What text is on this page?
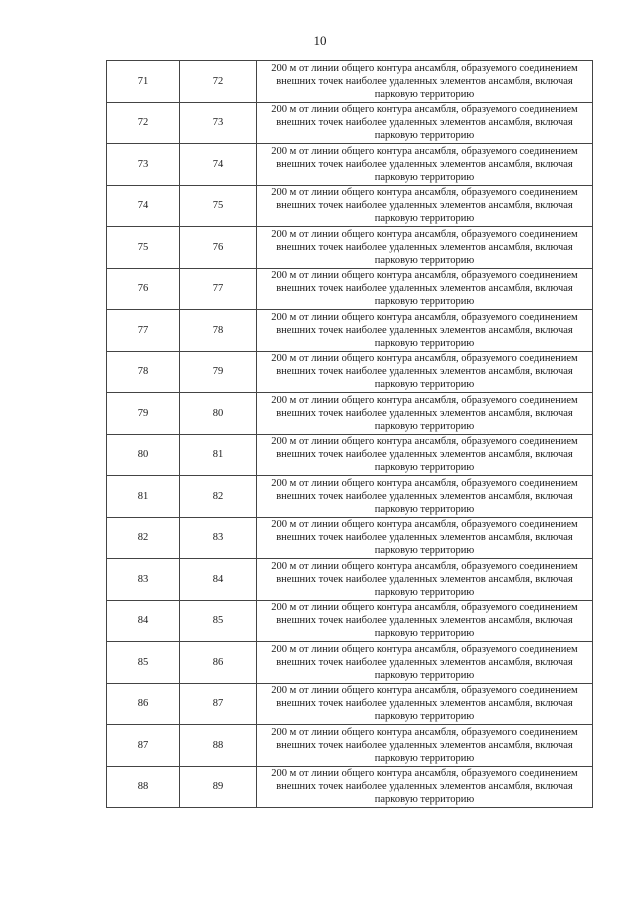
10
71	72	200 м от линии общего контура ансамбля, образуемого соединением внешних точек наиболее удаленных элементов ансамбля, включая парковую территорию
72	73	200 м от линии общего контура ансамбля, образуемого соединением внешних точек наиболее удаленных элементов ансамбля, включая парковую территорию
73	74	200 м от линии общего контура ансамбля, образуемого соединением внешних точек наиболее удаленных элементов ансамбля, включая парковую территорию
74	75	200 м от линии общего контура ансамбля, образуемого соединением внешних точек наиболее удаленных элементов ансамбля, включая парковую территорию
75	76	200 м от линии общего контура ансамбля, образуемого соединением внешних точек наиболее удаленных элементов ансамбля, включая парковую территорию
76	77	200 м от линии общего контура ансамбля, образуемого соединением внешних точек наиболее удаленных элементов ансамбля, включая парковую территорию
77	78	200 м от линии общего контура ансамбля, образуемого соединением внешних точек наиболее удаленных элементов ансамбля, включая парковую территорию
78	79	200 м от линии общего контура ансамбля, образуемого соединением внешних точек наиболее удаленных элементов ансамбля, включая парковую территорию
79	80	200 м от линии общего контура ансамбля, образуемого соединением внешних точек наиболее удаленных элементов ансамбля, включая парковую территорию
80	81	200 м от линии общего контура ансамбля, образуемого соединением внешних точек наиболее удаленных элементов ансамбля, включая парковую территорию
81	82	200 м от линии общего контура ансамбля, образуемого соединением внешних точек наиболее удаленных элементов ансамбля, включая парковую территорию
82	83	200 м от линии общего контура ансамбля, образуемого соединением внешних точек наиболее удаленных элементов ансамбля, включая парковую территорию
83	84	200 м от линии общего контура ансамбля, образуемого соединением внешних точек наиболее удаленных элементов ансамбля, включая парковую территорию
84	85	200 м от линии общего контура ансамбля, образуемого соединением внешних точек наиболее удаленных элементов ансамбля, включая парковую территорию
85	86	200 м от линии общего контура ансамбля, образуемого соединением внешних точек наиболее удаленных элементов ансамбля, включая парковую территорию
86	87	200 м от линии общего контура ансамбля, образуемого соединением внешних точек наиболее удаленных элементов ансамбля, включая парковую территорию
87	88	200 м от линии общего контура ансамбля, образуемого соединением внешних точек наиболее удаленных элементов ансамбля, включая парковую территорию
88	89	200 м от линии общего контура ансамбля, образуемого соединением внешних точек наиболее удаленных элементов ансамбля, включая парковую территорию
